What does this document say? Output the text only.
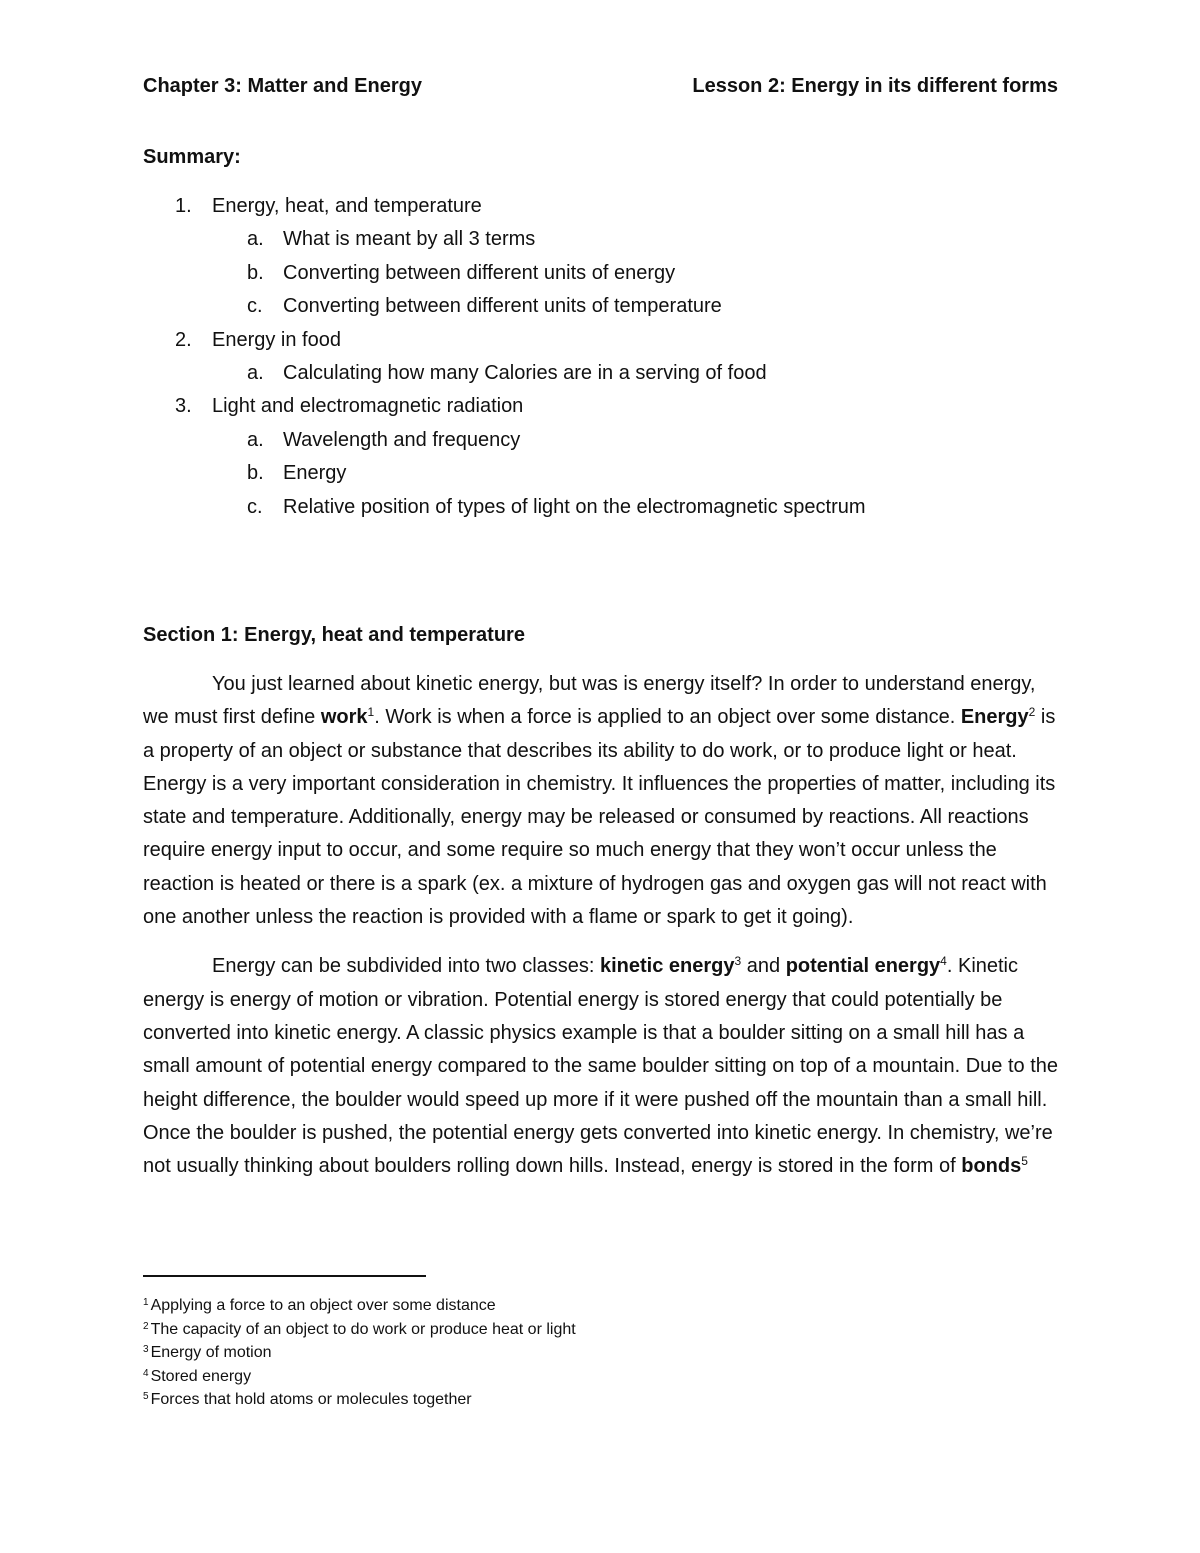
Chapter 3: Matter and Energy	Lesson 2: Energy in its different forms
Summary:
1. Energy, heat, and temperature
a. What is meant by all 3 terms
b. Converting between different units of energy
c. Converting between different units of temperature
2. Energy in food
a. Calculating how many Calories are in a serving of food
3. Light and electromagnetic radiation
a. Wavelength and frequency
b. Energy
c. Relative position of types of light on the electromagnetic spectrum
Section 1: Energy, heat and temperature

You just learned about kinetic energy, but was is energy itself? In order to understand energy, we must first define work$^1$. Work is when a force is applied to an object over some distance. Energy$^2$ is a property of an object or substance that describes its ability to do work, or to produce light or heat. Energy is a very important consideration in chemistry. It influences the properties of matter, including its state and temperature. Additionally, energy may be released or consumed by reactions. All reactions require energy input to occur, and some require so much energy that they won’t occur unless the reaction is heated or there is a spark (ex. a mixture of hydrogen gas and oxygen gas will not react with one another unless the reaction is provided with a flame or spark to get it going).

Energy can be subdivided into two classes: kinetic energy$^3$ and potential energy$^4$. Kinetic energy is energy of motion or vibration. Potential energy is stored energy that could potentially be converted into kinetic energy. A classic physics example is that a boulder sitting on a small hill has a small amount of potential energy compared to the same boulder sitting on top of a mountain. Due to the height difference, the boulder would speed up more if it were pushed off the mountain than a small hill. Once the boulder is pushed, the potential energy gets converted into kinetic energy. In chemistry, we’re not usually thinking about boulders rolling down hills. Instead, energy is stored in the form of bonds$^5$

$^1$ Applying a force to an object over some distance
$^2$ The capacity of an object to do work or produce heat or light
$^3$ Energy of motion
$^4$ Stored energy
$^5$ Forces that hold atoms or molecules together
